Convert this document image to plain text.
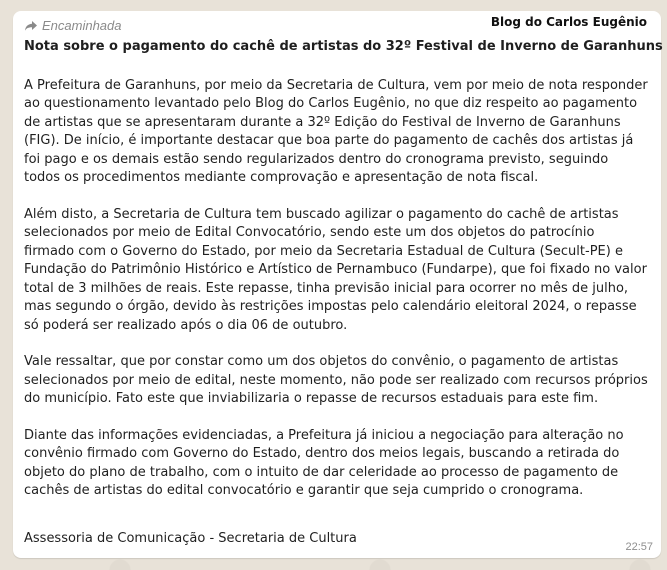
Encaminhada	Blog do Carlos Eugênio

Nota sobre o pagamento do cachê de artistas do 32º Festival de Inverno de Garanhuns

A Prefeitura de Garanhuns, por meio da Secretaria de Cultura, vem por meio de nota responder ao questionamento levantado pelo Blog do Carlos Eugênio, no que diz respeito ao pagamento de artistas que se apresentaram durante a 32º Edição do Festival de Inverno de Garanhuns (FIG). De início, é importante destacar que boa parte do pagamento de cachês dos artistas já foi pago e os demais estão sendo regularizados dentro do cronograma previsto, seguindo todos os procedimentos mediante comprovação e apresentação de nota fiscal.

Além disto, a Secretaria de Cultura tem buscado agilizar o pagamento do cachê de artistas selecionados por meio de Edital Convocatório, sendo este um dos objetos do patrocínio firmado com o Governo do Estado, por meio da Secretaria Estadual de Cultura (Secult-PE) e Fundação do Patrimônio Histórico e Artístico de Pernambuco (Fundarpe), que foi fixado no valor total de 3 milhões de reais. Este repasse, tinha previsão inicial para ocorrer no mês de julho, mas segundo o órgão, devido às restrições impostas pelo calendário eleitoral 2024, o repasse só poderá ser realizado após o dia 06 de outubro.

Vale ressaltar, que por constar como um dos objetos do convênio, o pagamento de artistas selecionados por meio de edital, neste momento, não pode ser realizado com recursos próprios do município. Fato este que inviabilizaria o repasse de recursos estaduais para este fim.

Diante das informações evidenciadas, a Prefeitura já iniciou a negociação para alteração no convênio firmado com Governo do Estado, dentro dos meios legais, buscando a retirada do objeto do plano de trabalho, com o intuito de dar celeridade ao processo de pagamento de cachês de artistas do edital convocatório e garantir que seja cumprido o cronograma.

Assessoria de Comunicação - Secretaria de Cultura
22:57
